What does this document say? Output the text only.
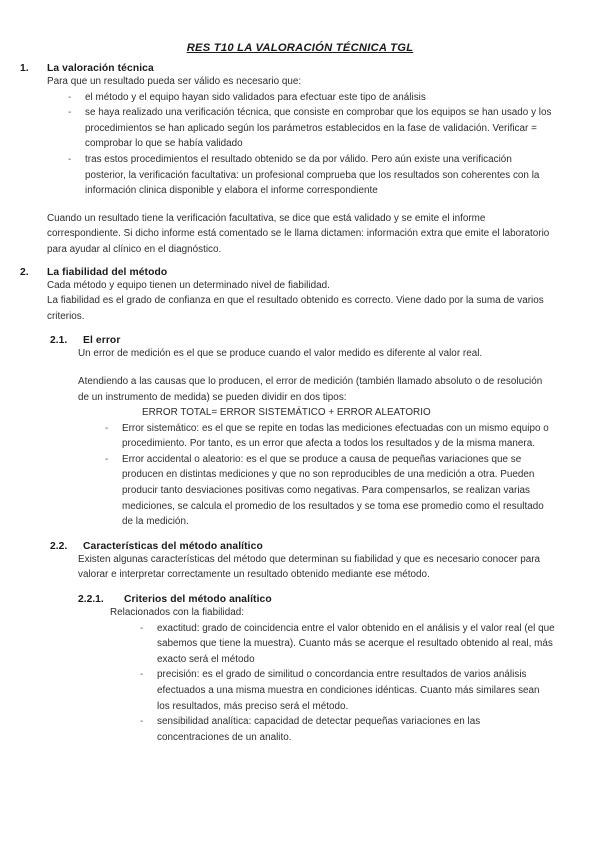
RES T10 LA VALORACIÓN TÉCNICA TGL
1.	La valoración técnica

Para que un resultado pueda ser válido es necesario que:

-	el método y el equipo hayan sido validados para efectuar este tipo de análisis
-	se haya realizado una verificación técnica, que consiste en comprobar que los equipos se han usado y los procedimientos se han aplicado según los parámetros establecidos en la fase de validación. Verificar = comprobar lo que se había validado
-	tras estos procedimientos el resultado obtenido se da por válido. Pero aún existe una verificación posterior, la verificación facultativa: un profesional comprueba que los resultados son coherentes con la información clinica disponible y elabora el informe correspondiente

Cuando un resultado tiene la verificación facultativa, se dice que está validado y se emite el informe correspondiente. Si dicho informe está comentado se le llama dictamen: información extra que emite el laboratorio para ayudar al clínico en el diagnóstico.

2.	La fiabilidad del método

Cada método y equipo tienen un determinado nivel de fiabilidad.

La fiabilidad es el grado de confianza en que el resultado obtenido es correcto. Viene dado por la suma de varios criterios.

2.1.	El error

Un error de medición es el que se produce cuando el valor medido es diferente al valor real.

Atendiendo a las causas que lo producen, el error de medición (también llamado absoluto o de resolución de un instrumento de medida) se pueden dividir en dos tipos:

ERROR TOTAL= ERROR SISTEMÁTICO + ERROR ALEATORIO

-	Error sistemático: es el que se repite en todas las mediciones efectuadas con un mismo equipo o procedimiento. Por tanto, es un error que afecta a todos los resultados y de la misma manera.
-	Error accidental o aleatorio: es el que se produce a causa de pequeñas variaciones que se producen en distintas mediciones y que no son reproducibles de una medición a otra. Pueden producir tanto desviaciones positivas como negativas. Para compensarlos, se realizan varias mediciones, se calcula el promedio de los resultados y se toma ese promedio como el resultado de la medición.
2.2.	Características del método analítico

Existen algunas características del método que determinan su fiabilidad y que es necesario conocer para valorar e interpretar correctamente un resultado obtenido mediante ese método.

2.2.1.	Criterios del método analítico

Relacionados con la fiabilidad:

-	exactitud: grado de coincidencia entre el valor obtenido en el análisis y el valor real (el que sabemos que tiene la muestra). Cuanto más se acerque el resultado obtenido al real, más exacto será el método
-	precisión: es el grado de similitud o concordancia entre resultados de varios análisis efectuados a una misma muestra en condiciones idénticas. Cuanto más similares sean los resultados, más preciso será el método.
-	sensibilidad analítica: capacidad de detectar pequeñas variaciones en las concentraciones de un analito.
